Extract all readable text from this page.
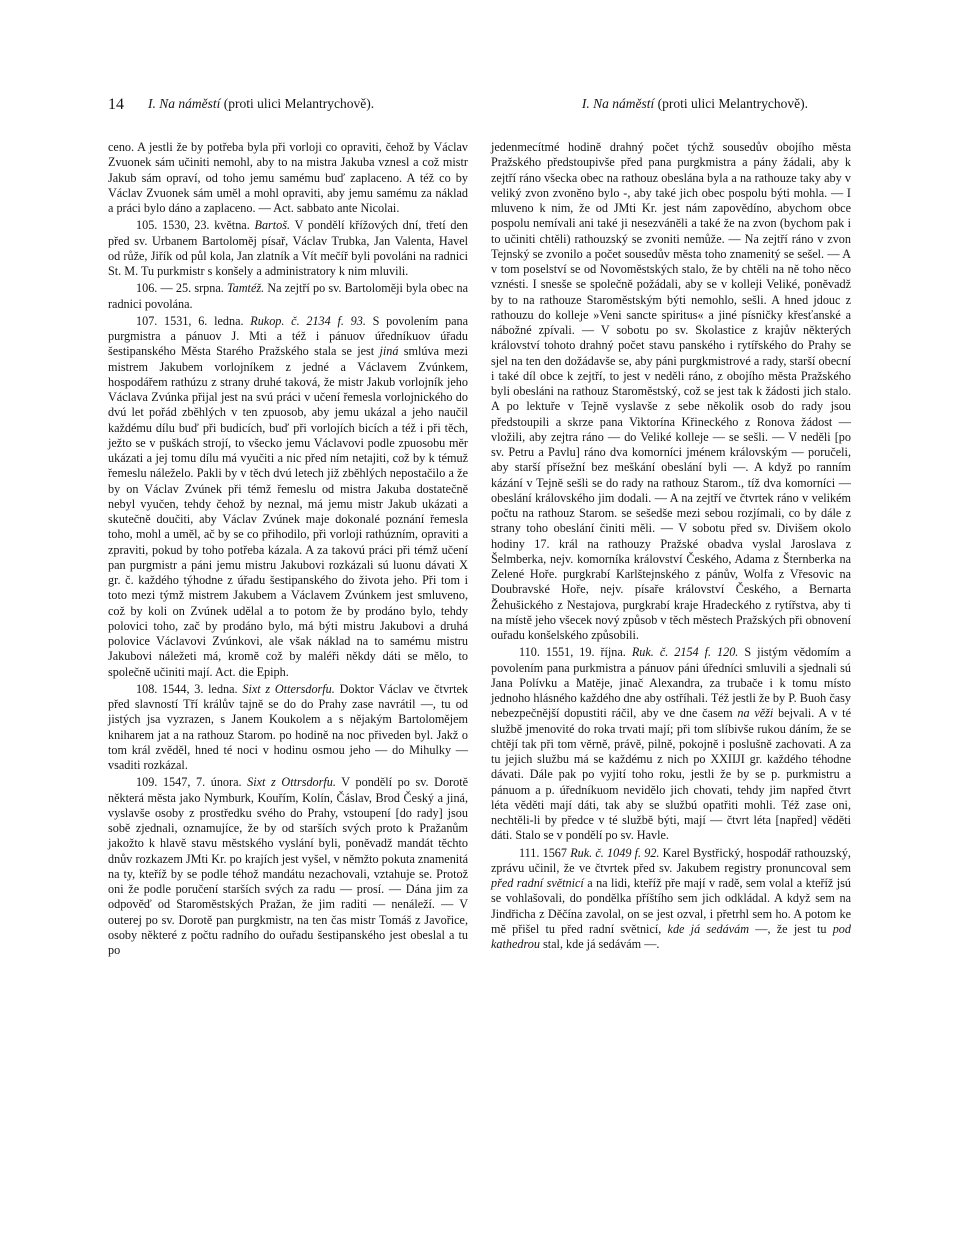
14 I. Na náměstí (proti ulici Melantrychově).	I. Na náměstí (proti ulici Melantrychově).

ceno. A jestli že by potřeba byla při vorloji co opraviti, čehož by Václav Zvuonek sám učiniti nemohl, aby to na mistra Jakuba vznesl a což mistr Jakub sám opraví, od toho jemu samému buď zaplaceno. A též co by Václav Zvuonek sám uměl a mohl opraviti, aby jemu samému za náklad a práci bylo dáno a zaplaceno. — Act. sabbato ante Nicolai.

105. 1530, 23. května. Bartoš. V pondělí křížových dní, třetí den před sv. Urbanem Bartoloměj písař, Václav Trubka, Jan Valenta, Havel od růže, Jiřík od půl kola, Jan zlatník a Vít mečíř byli povoláni na radnici St. M. Tu purkmistr s konšely a administratory k nim mluvili.

106. — 25. srpna. Tamtéž. Na zejtří po sv. Bartoloměji byla obec na radnici povolána.

107. 1531, 6. ledna. Rukop. č. 2134 f. 93. S povolením pana purgmistra a pánuov J. Mti a též i pánuov úředníkuov úřadu šestipanského Města Starého Pražského stala se jest jiná smlúva mezi mistrem Jakubem vorlojníkem z jedné a Václavem Zvúnkem, hospodářem rathúzu z strany druhé taková, že mistr Jakub vorlojník jeho Václava Zvúnka přijal jest na svú práci v učení řemesla vorlojnického do dvú let pořád zběhlých v ten zpuosob, aby jemu ukázal a jeho naučil každému dílu buď při budicích, buď při vorlojích bicích a též i při těch, ježto se v puškách strojí, to všecko jemu Václavovi podle zpuosobu měr ukázati a jej tomu dílu má vyučiti a nic před ním netajiti, což by k témuž řemeslu náleželo. Pakli by v těch dvú letech již zběhlých nepostačilo a že by on Václav Zvúnek při témž řemeslu od mistra Jakuba dostatečně nebyl vyučen, tehdy čehož by neznal, má jemu mistr Jakub ukázati a skutečně doučiti, aby Václav Zvúnek maje dokonalé poznání řemesla toho, mohl a uměl, ač by se co přihodilo, při vorloji rathúzním, opraviti a zpraviti, pokud by toho potřeba kázala. A za takovú práci při témž učení pan purgmistr a páni jemu mistru Jakubovi rozkázali sú luonu dávati X gr. č. každého týhodne z úřadu šestipanského do života jeho. Při tom i toto mezi týmž mistrem Jakubem a Václavem Zvúnkem jest smluveno, což by koli on Zvúnek udělal a to potom že by prodáno bylo, tehdy polovici toho, zač by prodáno bylo, má býti mistru Jakubovi a druhá polovice Václavovi Zvúnkovi, ale však náklad na to samému mistru Jakubovi náležeti má, kromě což by maléři někdy dáti se mělo, to společně učiniti mají. Act. die Epiph.

108. 1544, 3. ledna. Sixt z Ottersdorfu. Doktor Václav ve čtvrtek před slavností Tří králův tajně se do do Prahy zase navrátil —, tu od jistých jsa vyzrazen, s Janem Koukolem a s nějakým Bartolomějem kniharem jat a na rathouz Starom. po hodině na noc přiveden byl. Jakž o tom král zvěděl, hned té noci v hodinu osmou jeho — do Mihulky — vsaditi rozkázal.

109. 1547, 7. února. Sixt z Ottrsdorfu. V pondělí po sv. Dorotě některá města jako Nymburk, Kouřím, Kolín, Čáslav, Brod Český a jiná, vyslavše osoby z prostředku svého do Prahy, vstoupení [do rady] jsou sobě zjednali, oznamujíce, že by od starších svých proto k Pražanům jakožto k hlavě stavu městského vyslání byli, poněvadž mandát těchto dnův rozkazem JMti Kr. po krajích jest vyšel, v němžto pokuta znamenitá na ty, kteříž by se podle téhož mandátu nezachovali, vztahuje se. Protož oni že podle poručení starších svých za radu — prosí. — Dána jim za odpověď od Staroměstských Pražan, že jim raditi — nenáleží. — V outerej po sv. Dorotě pan purgkmistr, na ten čas mistr Tomáš z Javořice, osoby některé z počtu radního do ouřadu šestipanského jest obeslal a tu po

jedenmecítmé hodině drahný počet týchž sousedův obojího města Pražského předstoupivše před pana purgkmistra a pány žádali, aby k zejtří ráno všecka obec na rathouz obeslána byla a na rathouze taky aby v veliký zvon zvoněno bylo -, aby také jich obec pospolu býti mohla. — I mluveno k nim, že od JMti Kr. jest nám zapovědíno, abychom obce pospolu nemívali ani také ji nesezváněli a také že na zvon (bychom pak i to učiniti chtěli) rathouzský se zvoniti nemůže. — Na zejtří ráno v zvon Tejnský se zvonilo a počet sousedův města toho znamenitý se sešel. — A v tom poselství se od Novoměstských stalo, že by chtěli na ně toho něco vznésti. I snesše se společně požádali, aby se v kolleji Veliké, poněvadž by to na rathouze Staroměstským býti nemohlo, sešli. A hned jdouc z rathouzu do kolleje »Veni sancte spiritus« a jiné písničky křesťanské a nábožné zpívali. — V sobotu po sv. Skolastice z krajův některých království tohoto drahný počet stavu panského i rytířského do Prahy se sjel na ten den dožádavše se, aby páni purgkmistrové a rady, starší obecní i také díl obce k zejtří, to jest v neděli ráno, z obojího města Pražského byli obesláni na rathouz Staroměstský, což se jest tak k žádosti jich stalo. A po lektuře v Tejně vyslavše z sebe několik osob do rady jsou předstoupili a skrze pana Viktorína Křineckého z Ronova žádost — vložili, aby zejtra ráno — do Veliké kolleje — se sešli. — V neděli [po sv. Petru a Pavlu] ráno dva komorníci jménem královským — poručeli, aby starší přísežní bez meškání obeslání byli —. A když po ranním kázání v Tejně sešli se do rady na rathouz Starom., tíž dva komorníci — obeslání královského jim dodali. — A na zejtří ve čtvrtek ráno v velikém počtu na rathouz Starom. se sešedše mezi sebou rozjímali, co by dále z strany toho obeslání činiti měli. — V sobotu před sv. Divišem okolo hodiny 17. král na rathouzy Pražské obadva vyslal Jaroslava z Šelmberka, nejv. komorníka království Českého, Adama z Šternberka na Zelené Hoře. purgkrabí Karlštejnského z pánův, Wolfa z Vřesovic na Doubravské Hoře, nejv. písaře království Českého, a Bernarta Žehušického z Nestajova, purgkrabí kraje Hradeckého z rytířstva, aby ti na místě jeho všecek nový způsob v těch městech Pražských při obnovení ouřadu konšelského způsobili.

110. 1551, 19. října. Ruk. č. 2154 f. 120. S jistým vědomím a povolením pana purkmistra a pánuov páni úředníci smluvili a sjednali sú Jana Polívku a Matěje, jinač Alexandra, za trubače i k tomu místo jednoho hlásného každého dne aby ostříhali. Též jestli že by P. Buoh časy nebezpečnější dopustiti ráčil, aby ve dne časem na věži bejvali. A v té službě jmenovité do roka trvati mají; při tom slíbivše rukou dáním, že se chtějí tak při tom věrně, právě, pilně, pokojně i poslušně zachovati. A za tu jejich službu má se každému z nich po XXIIJI gr. každého téhodne dávati. Dále pak po vyjití toho roku, jestli že by se p. purkmistru a pánuom a p. úředníkuom nevidělo jich chovati, tehdy jim napřed čtvrt léta věděti mají dáti, tak aby se službú opatřiti mohli. Též zase oni, nechtěli-li by předce v té službě býti, mají — čtvrt léta [napřed] věděti dáti. Stalo se v pondělí po sv. Havle.

111. 1567 Ruk. č. 1049 f. 92. Karel Bystřický, hospodář rathouzský, zprávu učinil, že ve čtvrtek před sv. Jakubem registry pronuncoval sem před radní světnicí a na lidi, kteříž pře mají v radě, sem volal a kteříž jsú se vohlašovali, do pondělka příštího sem jich odkládal. A když sem na Jindřicha z Děčína zavolal, on se jest ozval, i přetrhl sem ho. A potom ke mě přišel tu před radní světnicí, kde já sedávám —, že jest tu pod kathedrou stal, kde já sedávám —.
